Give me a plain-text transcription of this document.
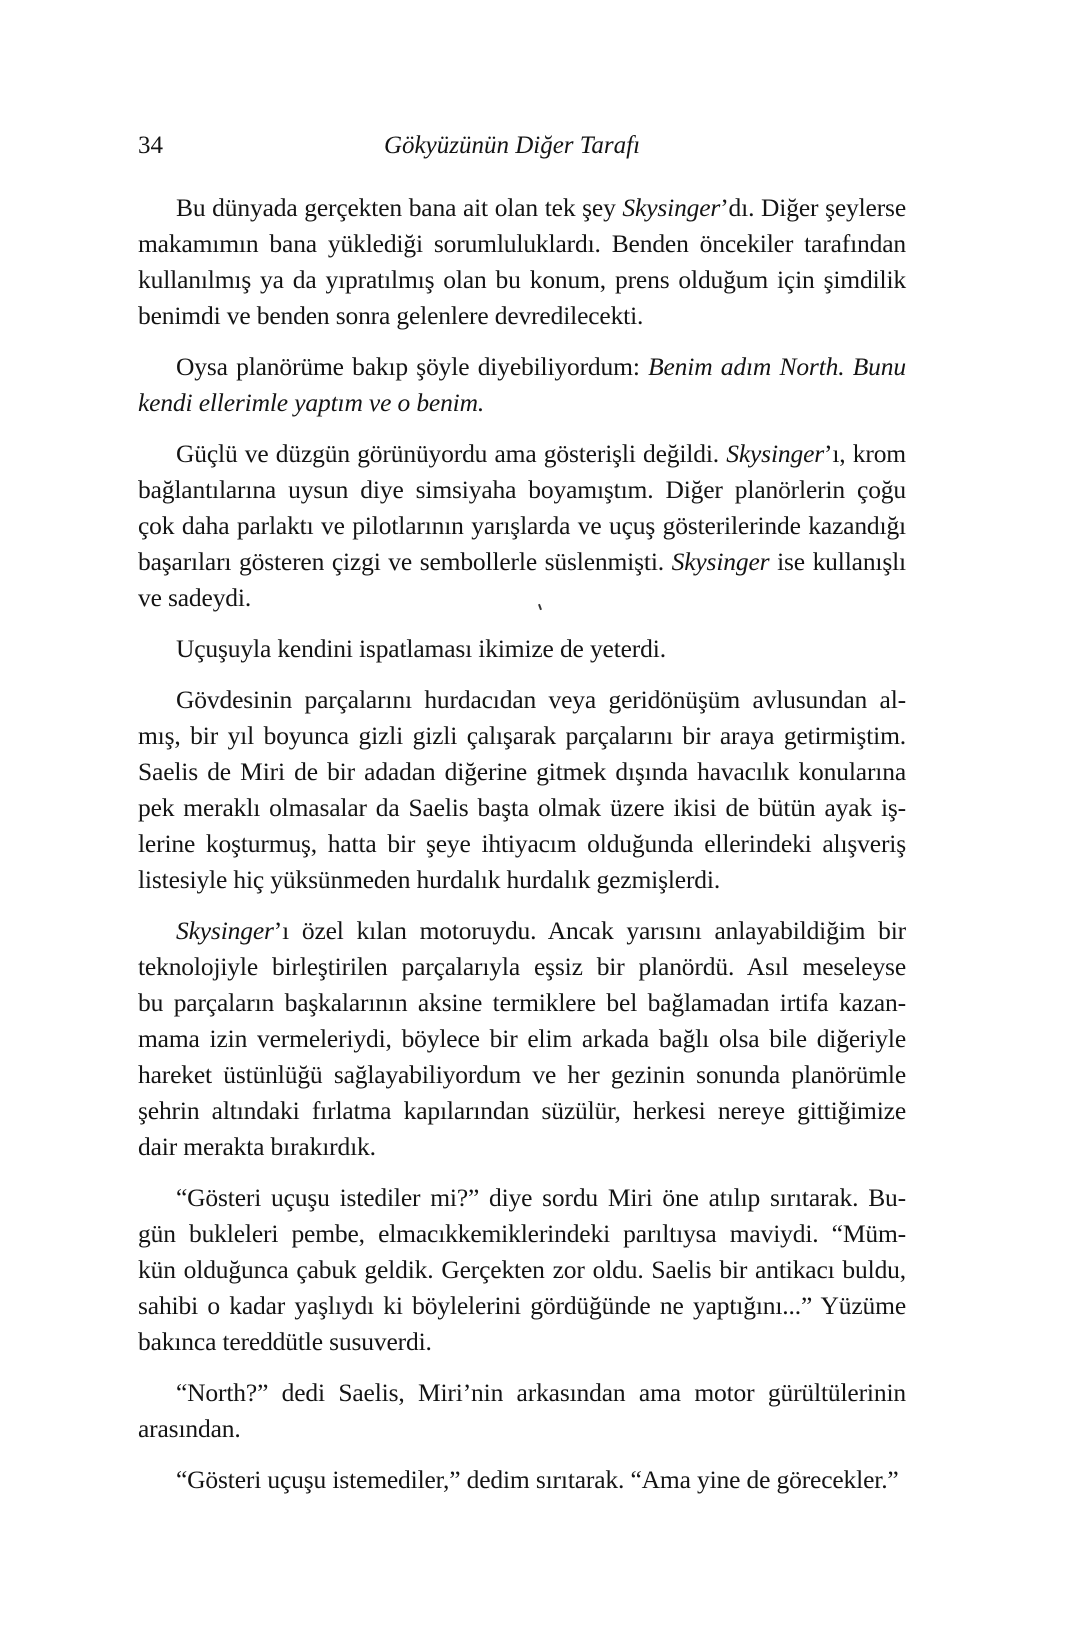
34	Gökyüzünün Diğer Tarafı
Bu dünyada gerçekten bana ait olan tek şey Skysinger’dı. Diğer şeylerse
makamımın bana yüklediği sorumluluklardı. Benden öncekiler tarafından
kullanılmış ya da yıpratılmış olan bu konum, prens olduğum için şimdilik
benimdi ve benden sonra gelenlere devredilecekti.
Oysa planörüme bakıp şöyle diyebiliyordum: Benim adım North. Bunu
kendi ellerimle yaptım ve o benim.
Güçlü ve düzgün görünüyordu ama gösterişli değildi. Skysinger’ı, krom
bağlantılarına uysun diye simsiyaha boyamıştım. Diğer planörlerin çoğu
çok daha parlaktı ve pilotlarının yarışlarda ve uçuş gösterilerinde kazandığı
başarıları gösteren çizgi ve sembollerle süslenmişti. Skysinger ise kullanışlı
ve sadeydi.
Uçuşuyla kendini ispatlaması ikimize de yeterdi.
Gövdesinin parçalarını hurdacıdan veya geridönüşüm avlusundan al-
mış, bir yıl boyunca gizli gizli çalışarak parçalarını bir araya getirmiştim.
Saelis de Miri de bir adadan diğerine gitmek dışında havacılık konularına
pek meraklı olmasalar da Saelis başta olmak üzere ikisi de bütün ayak iş-
lerine koşturmuş, hatta bir şeye ihtiyacım olduğunda ellerindeki alışveriş
listesiyle hiç yüksünmeden hurdalık hurdalık gezmişlerdi.
Skysinger’ı özel kılan motoruydu. Ancak yarısını anlayabildiğim bir
teknolojiyle birleştirilen parçalarıyla eşsiz bir planördü. Asıl meseleyse
bu parçaların başkalarının aksine termiklere bel bağlamadan irtifa kazan-
mama izin vermeleriydi, böylece bir elim arkada bağlı olsa bile diğeriyle
hareket üstünlüğü sağlayabiliyordum ve her gezinin sonunda planörümle
şehrin altındaki fırlatma kapılarından süzülür, herkesi nereye gittiğimize
dair merakta bırakırdık.
“Gösteri uçuşu istediler mi?” diye sordu Miri öne atılıp sırıtarak. Bu-
gün bukleleri pembe, elmacıkkemiklerindeki parıltıysa maviydi. “Müm-
kün olduğunca çabuk geldik. Gerçekten zor oldu. Saelis bir antikacı buldu,
sahibi o kadar yaşlıydı ki böylelerini gördüğünde ne yaptığını...” Yüzüme
bakınca tereddütle susuverdi.
“North?” dedi Saelis, Miri’nin arkasından ama motor gürültülerinin
arasından.
“Gösteri uçuşu istemediler,” dedim sırıtarak. “Ama yine de görecekler.”
